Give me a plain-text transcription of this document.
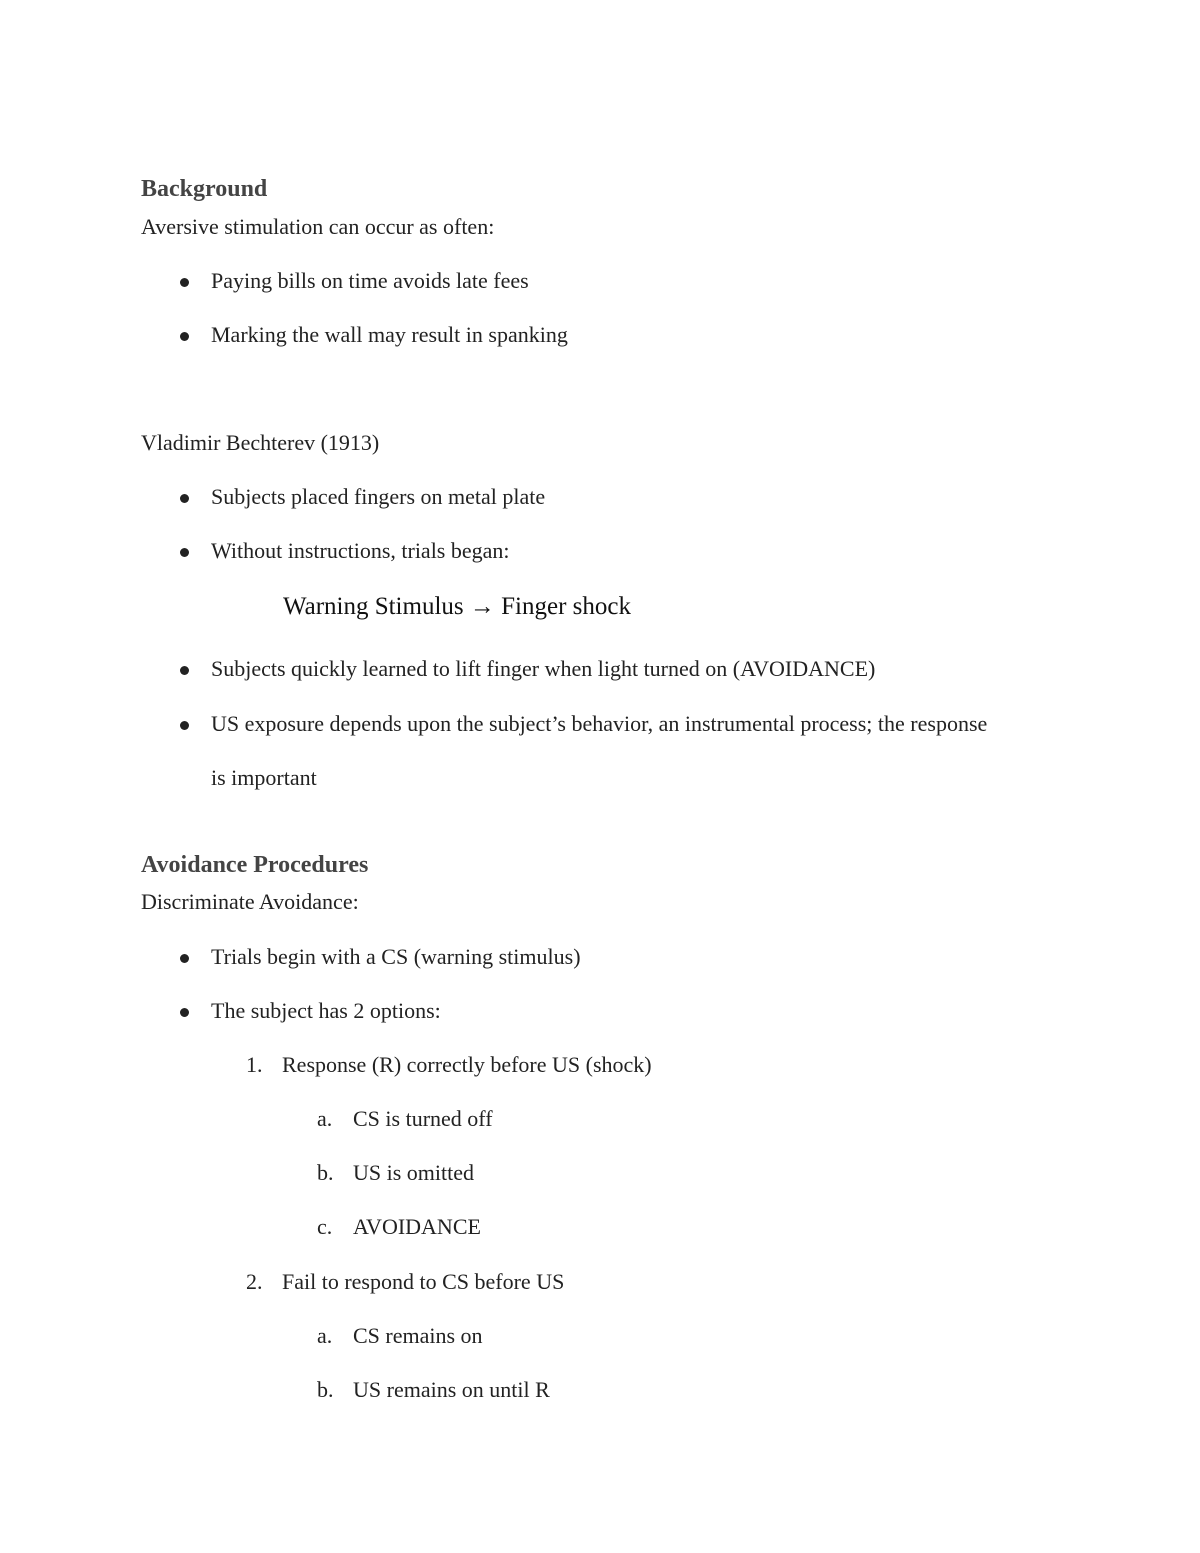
Background
Aversive stimulation can occur as often:
Paying bills on time avoids late fees
Marking the wall may result in spanking
Vladimir Bechterev (1913)
Subjects placed fingers on metal plate
Without instructions, trials began:
Warning Stimulus → Finger shock
Subjects quickly learned to lift finger when light turned on (AVOIDANCE)
US exposure depends upon the subject’s behavior, an instrumental process; the response
is important
Avoidance Procedures
Discriminate Avoidance:
Trials begin with a CS (warning stimulus)
The subject has 2 options:
1. Response (R) correctly before US (shock)
a. CS is turned off
b. US is omitted
c. AVOIDANCE
2. Fail to respond to CS before US
a. CS remains on
b. US remains on until R
